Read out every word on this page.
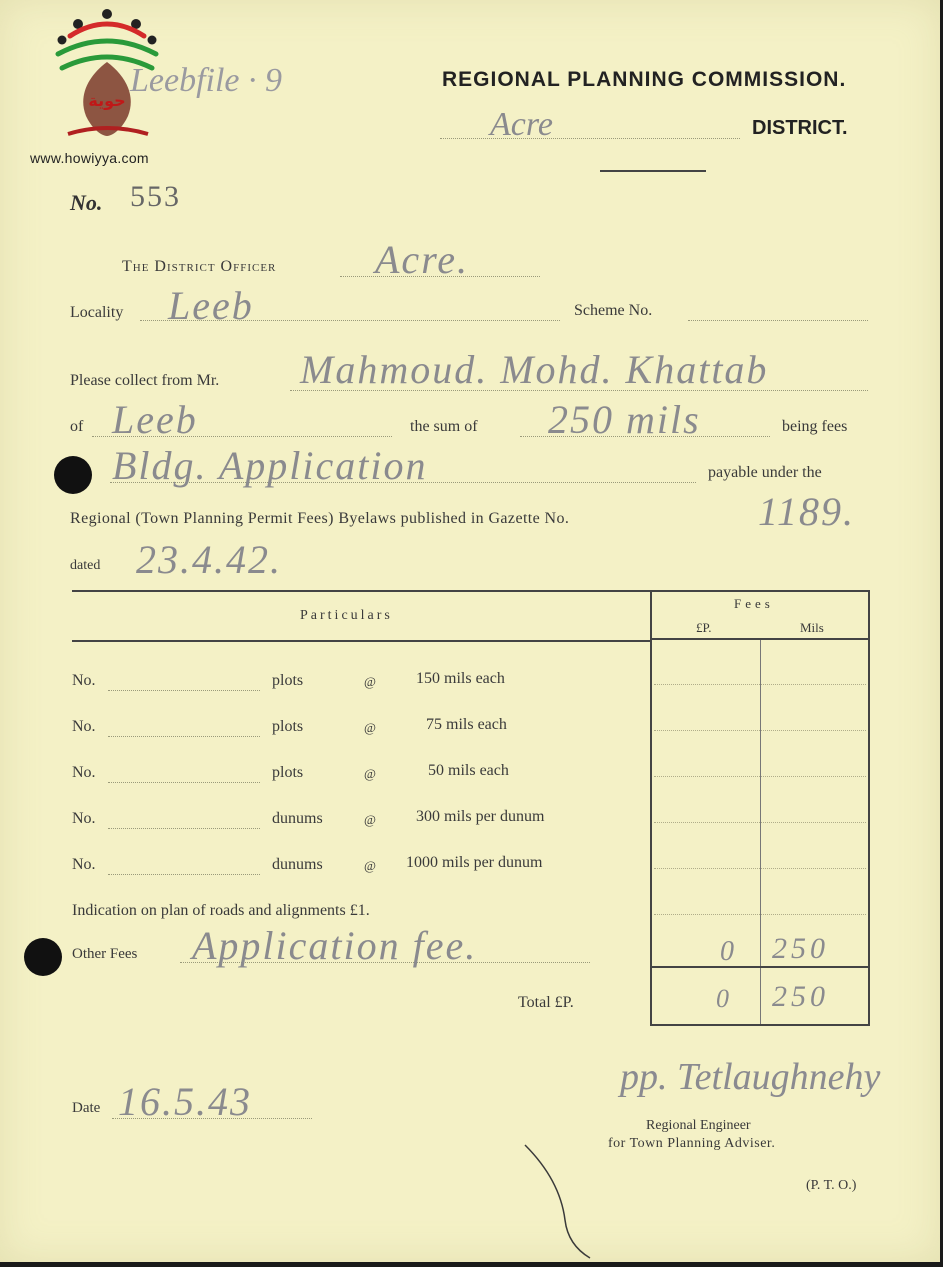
حوية
www.howiyya.com
Leebfile · 9	REGIONAL PLANNING COMMISSION.
Acre	DISTRICT.
No. 553
The District Officer Acre.
Locality Leeb	Scheme No.
Please collect from Mr. Mahmoud. Mohd. Khattab
of Leeb	the sum of 250 mils	being fees
Bldg. Application	payable under the
Regional (Town Planning Permit Fees) Byelaws published in Gazette No.	1189.
dated 23.4.42.
Particulars
Fees
£P.	Mils
No.	plots	@	150 mils each
No.	plots	@	75 mils each
No.	plots	@	50 mils each
No.	dunums	@	300 mils per dunum
No.	dunums	@ 1000 mils per dunum
Indication on plan of roads and alignments £1.
Other Fees Application fee.	0 250
Total £P.	0 250
Date 16.5.43
pp. Tetlaughnehy
Regional Engineer
for Town Planning Adviser.
(P. T. O.)
